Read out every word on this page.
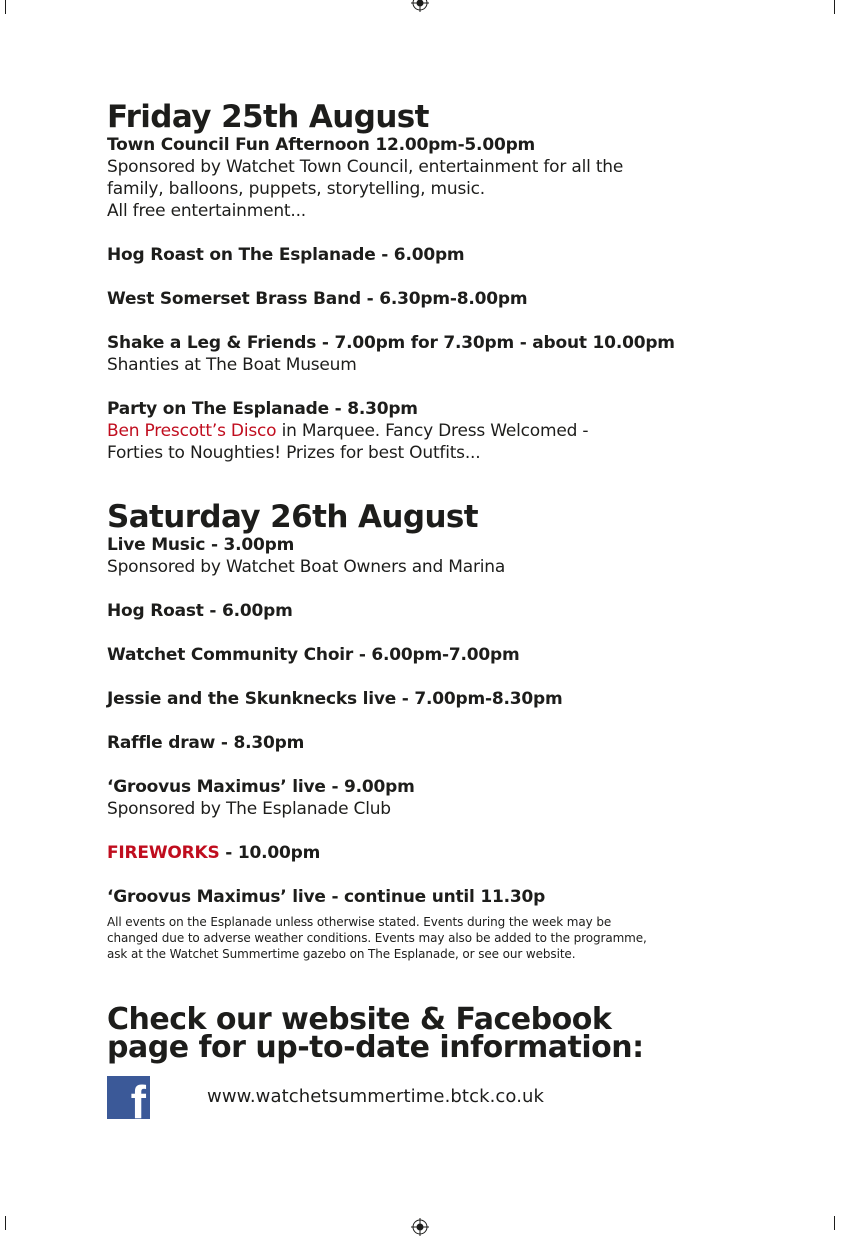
Friday 25th August
Town Council Fun Afternoon 12.00pm-5.00pm
Sponsored by Watchet Town Council, entertainment for all the
family, balloons, puppets, storytelling, music.
All free entertainment...
Hog Roast on The Esplanade - 6.00pm
West Somerset Brass Band - 6.30pm-8.00pm
Shake a Leg & Friends - 7.00pm for 7.30pm - about 10.00pm
Shanties at The Boat Museum
Party on The Esplanade - 8.30pm
Ben Prescott’s Disco in Marquee. Fancy Dress Welcomed -
Forties to Noughties! Prizes for best Outfits...
Saturday 26th August
Live Music - 3.00pm
Sponsored by Watchet Boat Owners and Marina
Hog Roast - 6.00pm
Watchet Community Choir - 6.00pm-7.00pm
Jessie and the Skunknecks live - 7.00pm-8.30pm
Raffle draw - 8.30pm
‘Groovus Maximus’ live - 9.00pm
Sponsored by The Esplanade Club
FIREWORKS - 10.00pm
‘Groovus Maximus’ live - continue until 11.30p
All events on the Esplanade unless otherwise stated. Events during the week may be
changed due to adverse weather conditions. Events may also be added to the programme,
ask at the Watchet Summertime gazebo on The Esplanade, or see our website.
Check our website & Facebook
page for up-to-date information:
f	www.watchetsummertime.btck.co.uk
